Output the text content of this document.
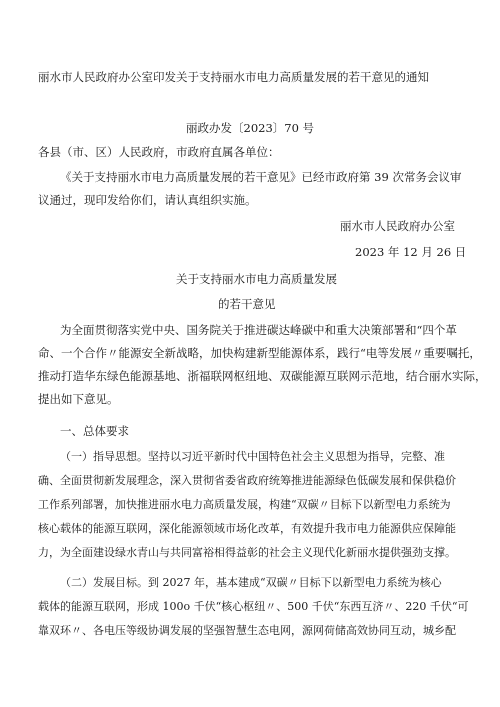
丽水市人民政府办公室印发关于支持丽水市电力高质量发展的若干意见的通知
丽政办发〔2023〕70 号
各县（市、区）人民政府，市政府直属各单位：
《关于支持丽水市电力高质量发展的若干意见》已经市政府第 39 次常务会议审
议通过，现印发给你们，请认真组织实施。
丽水市人民政府办公室
2023 年 12 月 26 日
关于支持丽水市电力高质量发展
的若干意见
为全面贯彻落实党中央、国务院关于推进碳达峰碳中和重大决策部署和“四个革
命、一个合作〃能源安全新战略，加快构建新型能源体系，践行“电等发展〃重要嘱托，
推动打造华东绿色能源基地、浙福联网枢纽地、双碳能源互联网示范地，结合丽水实际，
提出如下意见。
一、总体要求
（一）指导思想。坚持以习近平新时代中国特色社会主义思想为指导，完整、准
确、全面贯彻新发展理念，深入贯彻省委省政府统筹推进能源绿色低碳发展和保供稳价
工作系列部署，加快推进丽水电力高质量发展，构建“双碳〃目标下以新型电力系统为
核心载体的能源互联网，深化能源领域市场化改革，有效提升我市电力能源供应保障能
力，为全面建设绿水青山与共同富裕相得益彰的社会主义现代化新丽水提供强劲支撑。
（二）发展目标。到 2027 年，基本建成“双碳〃目标下以新型电力系统为核心
载体的能源互联网，形成 100o 千伏“核心枢纽〃、500 千伏“东西互济〃、220 千伏“可
靠双环〃、各电压等级协调发展的坚强智慧生态电网，源网荷储高效协同互动，城乡配
